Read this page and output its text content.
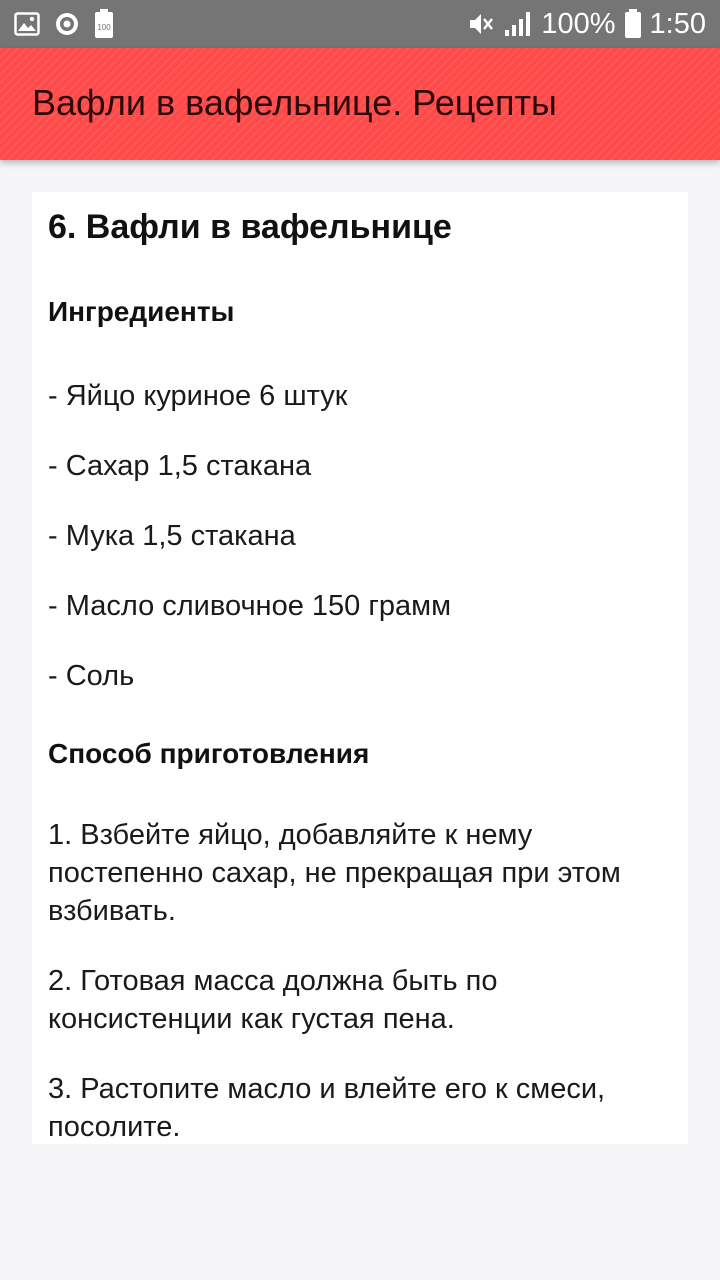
100	100% 1:50
Вафли в вафельнице. Рецепты
6. Вафли в вафельнице
Ингредиенты

- Яйцо куриное 6 штук

- Сахар 1,5 стакана

- Мука 1,5 стакана

- Масло сливочное 150 грамм

- Соль

Способ приготовления

1. Взбейте яйцо, добавляйте к нему постепенно сахар, не прекращая при этом взбивать.

2. Готовая масса должна быть по консистенции как густая пена.

3. Растопите масло и влейте его к смеси, посолите.
